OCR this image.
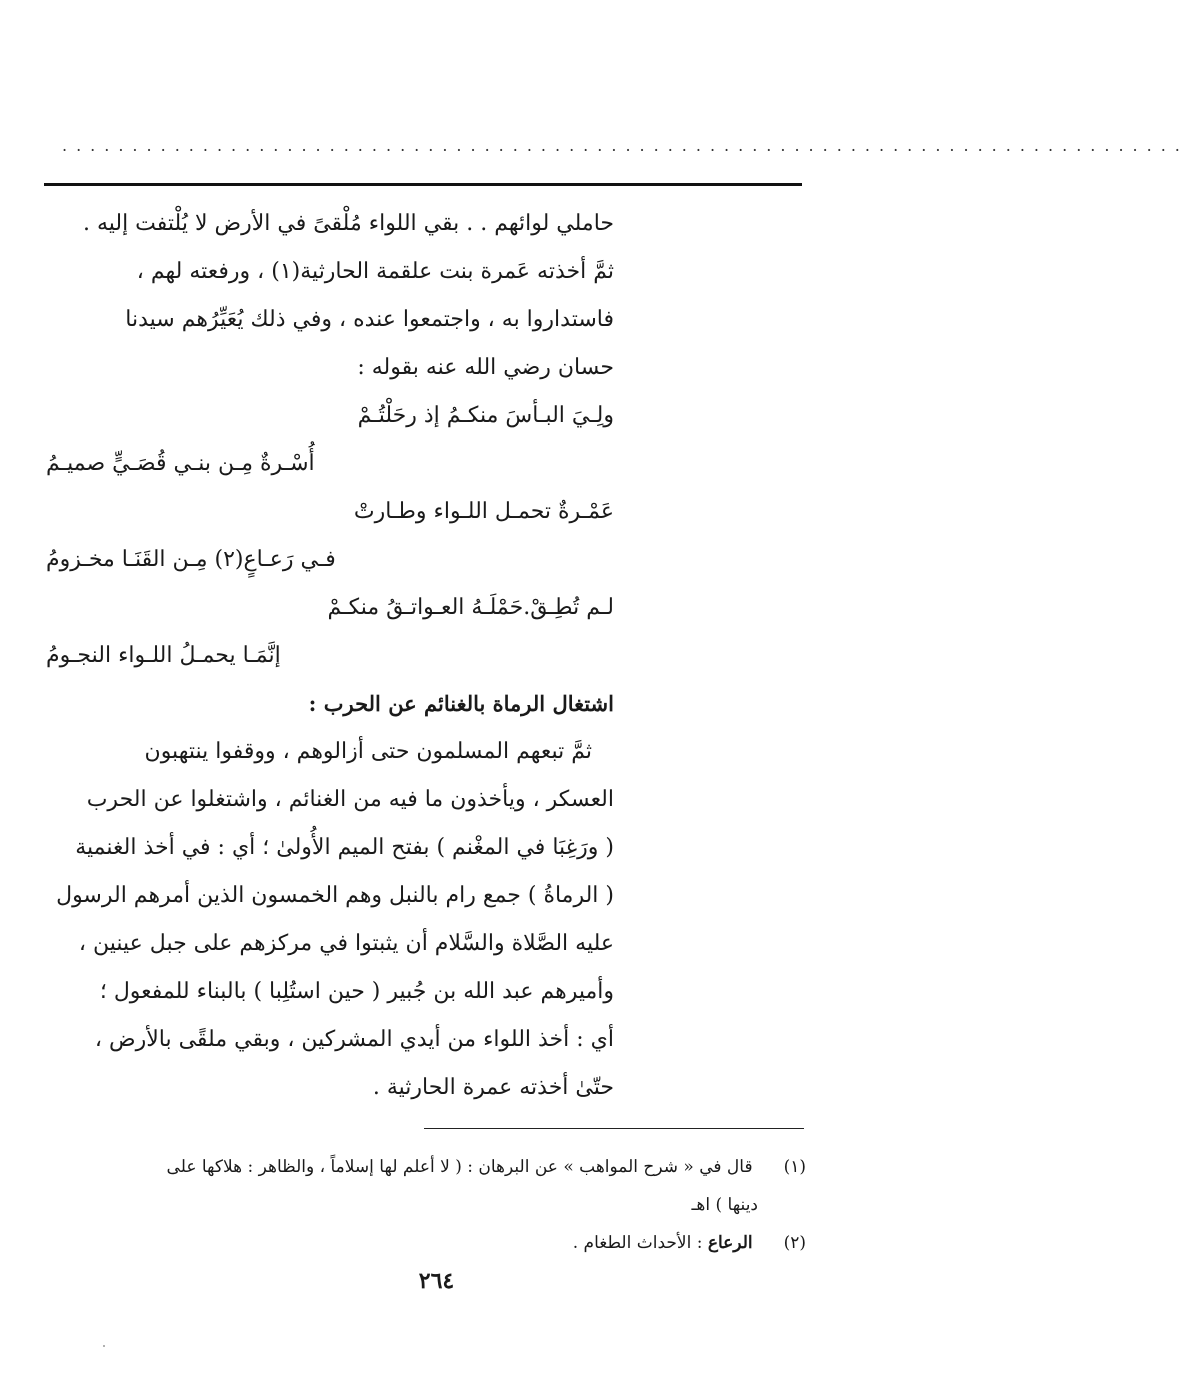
................................................................................
حاملي لوائهم . . بقي اللواء مُلْقىً في الأرض لا يُلْتفت إليه .
ثمَّ أخذته عَمرة بنت علقمة الحارثية(١) ، ورفعته لهم ،
فاستداروا به ، واجتمعوا عنده ، وفي ذلك يُعَيِّرُهم سيدنا
حسان رضي الله عنه بقوله :
ولِـيَ البـأسَ منكـمُ إذ رحَلْتُـمْ
أُسْـرةٌ مِـن بنـي قُصَـيٍّ صميـمُ
عَمْـرةٌ تحمـل اللـواء وطـارتْ
فـي رَعـاعٍ(٢) مِـن القَنَـا مخـزومُ
لـم تُطِـقْ.حَمْلَـهُ العـواتـقُ منكـمْ
إنَّمَـا يحمـلُ اللـواء النجـومُ
اشتغال الرماة بالغنائم عن الحرب :
ثمَّ تبعهم المسلمون حتى أزالوهم ، ووقفوا ينتهبون
العسكر ، ويأخذون ما فيه من الغنائم ، واشتغلوا عن الحرب
( ورَغِبَا في المغْنم ) بفتح الميم الأُولىٰ ؛ أي : في أخذ الغنمية
( الرماةُ ) جمع رام بالنبل وهم الخمسون الذين أمرهم الرسول
عليه الصَّلاة والسَّلام أن يثبتوا في مركزهم على جبل عينين ،
وأميرهم عبد الله بن جُبير ( حين استُلِبا ) بالبناء للمفعول ؛
أي : أخذ اللواء من أيدي المشركين ، وبقي ملقًى بالأرض ،
حتّىٰ أخذته عمرة الحارثية .
(١) قال في « شرح المواهب » عن البرهان : ( لا أعلم لها إسلاماً ، والظاهر : هلاكها على
دينها ) اهـ
(٢) الرعاع : الأحداث الطغام .
٢٦٤
